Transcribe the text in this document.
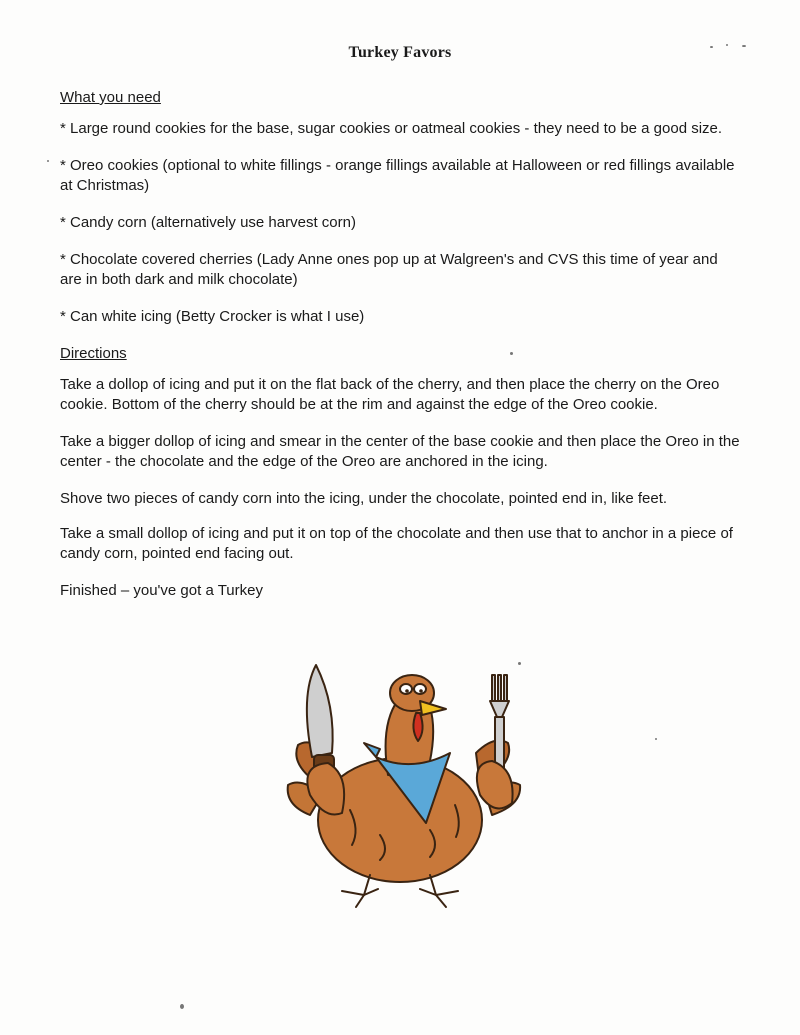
Turkey Favors
What you need

* Large round cookies for the base, sugar cookies or oatmeal cookies - they need to be a good size.

* Oreo cookies (optional to white fillings - orange fillings available at Halloween or red fillings available at Christmas)

* Candy corn (alternatively use harvest corn)

* Chocolate covered cherries (Lady Anne ones pop up at Walgreen's and CVS this time of year and are in both dark and milk chocolate)

* Can white icing (Betty Crocker is what I use)

Directions

Take a dollop of icing and put it on the flat back of the cherry, and then place the cherry on the Oreo cookie. Bottom of the cherry should be at the rim and against the edge of the Oreo cookie.

Take a bigger dollop of icing and smear in the center of the base cookie and then place the Oreo in the center - the chocolate and the edge of the Oreo are anchored in the icing.

Shove two pieces of candy corn into the icing, under the chocolate, pointed end in, like feet.

Take a small dollop of icing and put it on top of the chocolate and then use that to anchor in a piece of candy corn, pointed end facing out.

Finished – you've got a Turkey
